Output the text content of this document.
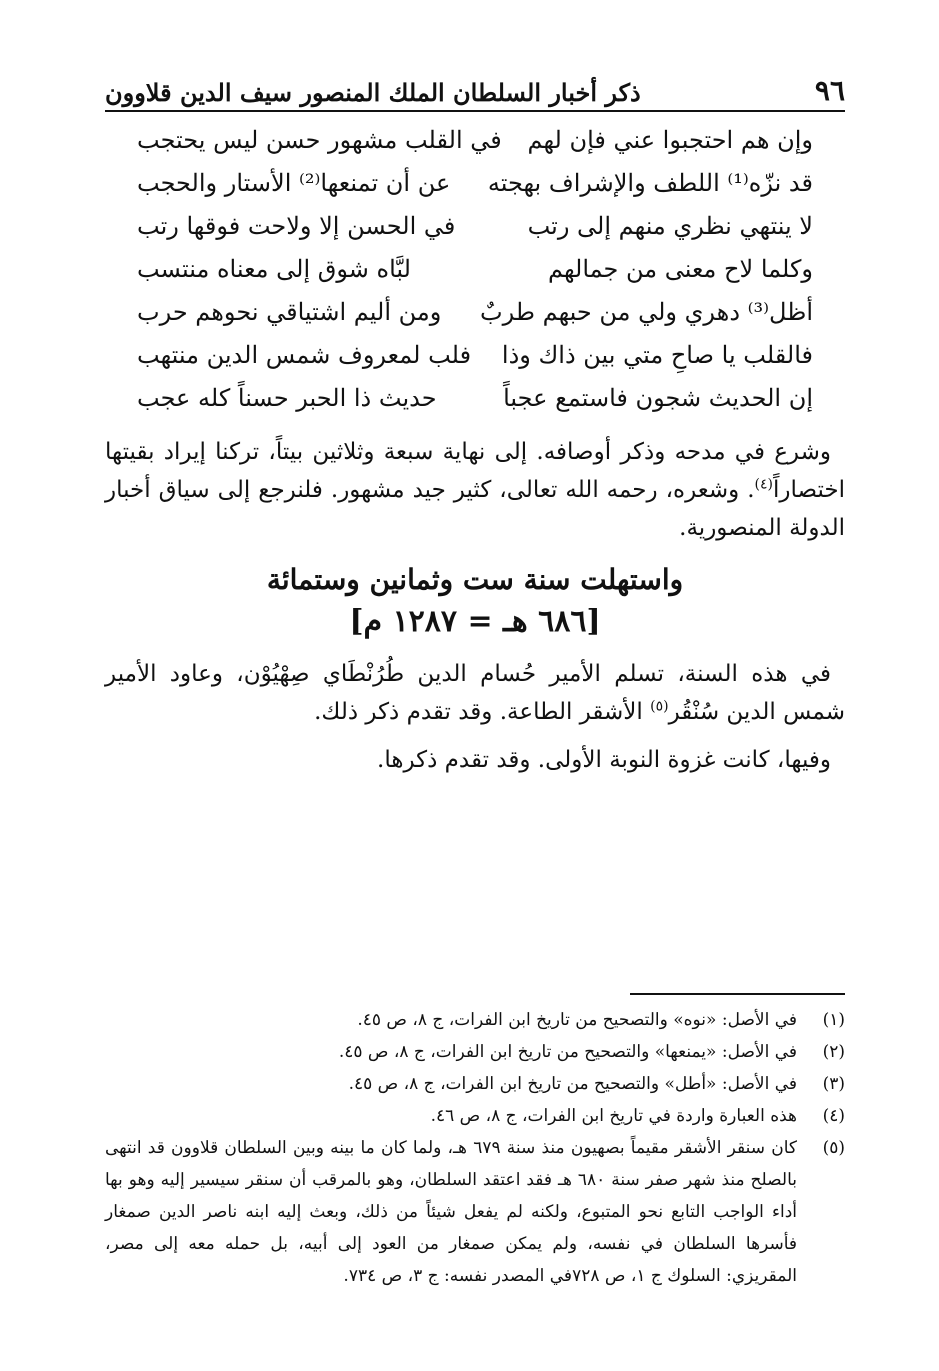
٩٦
ذكر أخبار السلطان الملك المنصور سيف الدين قلاوون
وإن هم احتجبوا عني فإن لهم
في القلب مشهور حسن ليس يحتجب
قد نزّه⁽¹⁾ اللطف والإشراف بهجته
عن أن تمنعها⁽²⁾ الأستار والحجب
لا ينتهي نظري منهم إلى رتب
في الحسن إلا ولاحت فوقها رتب
وكلما لاح معنى من جمالهم
لبَّاه شوق إلى معناه منتسب
أظل⁽³⁾ دهري ولي من حبهم طربٌ
ومن أليم اشتياقي نحوهم حرب
فالقلب يا صاحِ متي بين ذاك وذا
فلب لمعروف شمس الدين منتهب
إن الحديث شجون فاستمع عجباً
حديث ذا الحبر حسناً كله عجب
وشرع في مدحه وذكر أوصافه. إلى نهاية سبعة وثلاثين بيتاً، تركنا إيراد بقيتها اختصاراً$^{(٤)}$. وشعره، رحمه الله تعالى، كثير جيد مشهور. فلنرجع إلى سياق أخبار الدولة المنصورية.
واستهلت سنة ست وثمانين وستمائة
[٦٨٦ هـ = ١٢٨٧ م]
في هذه السنة، تسلم الأمير حُسام الدين طُرُنْطَاي صِهْيُوْن، وعاود الأمير شمس الدين سُنْقُر$^{(٥)}$ الأشقر الطاعة. وقد تقدم ذكر ذلك.
وفيها، كانت غزوة النوبة الأولى. وقد تقدم ذكرها.
(١)
في الأصل: «نوه» والتصحيح من تاريخ ابن الفرات، ج ٨، ص ٤٥.
(٢)
في الأصل: «يمنعها» والتصحيح من تاريخ ابن الفرات، ج ٨، ص ٤٥.
(٣)
في الأصل: «أطل» والتصحيح من تاريخ ابن الفرات، ج ٨، ص ٤٥.
(٤)
هذه العبارة واردة في تاريخ ابن الفرات، ج ٨، ص ٤٦.
(٥)
كان سنقر الأشقر مقيماً بصهيون منذ سنة ٦٧٩ هـ، ولما كان ما بينه وبين السلطان قلاوون قد انتهى بالصلح منذ شهر صفر سنة ٦٨٠ هـ فقد اعتقد السلطان، وهو بالمرقب أن سنقر سيسير إليه وهو بها أداء الواجب التابع نحو المتبوع، ولكنه لم يفعل شيئاً من ذلك، وبعث إليه ابنه ناصر الدين صمغار فأسرها السلطان في نفسه، ولم يمكن صمغار من العود إلى أبيه، بل حمله معه إلى مصر، المقريزي: السلوك ج ١، ص ٧٢٨في المصدر نفسه: ج ٣، ص ٧٣٤.
